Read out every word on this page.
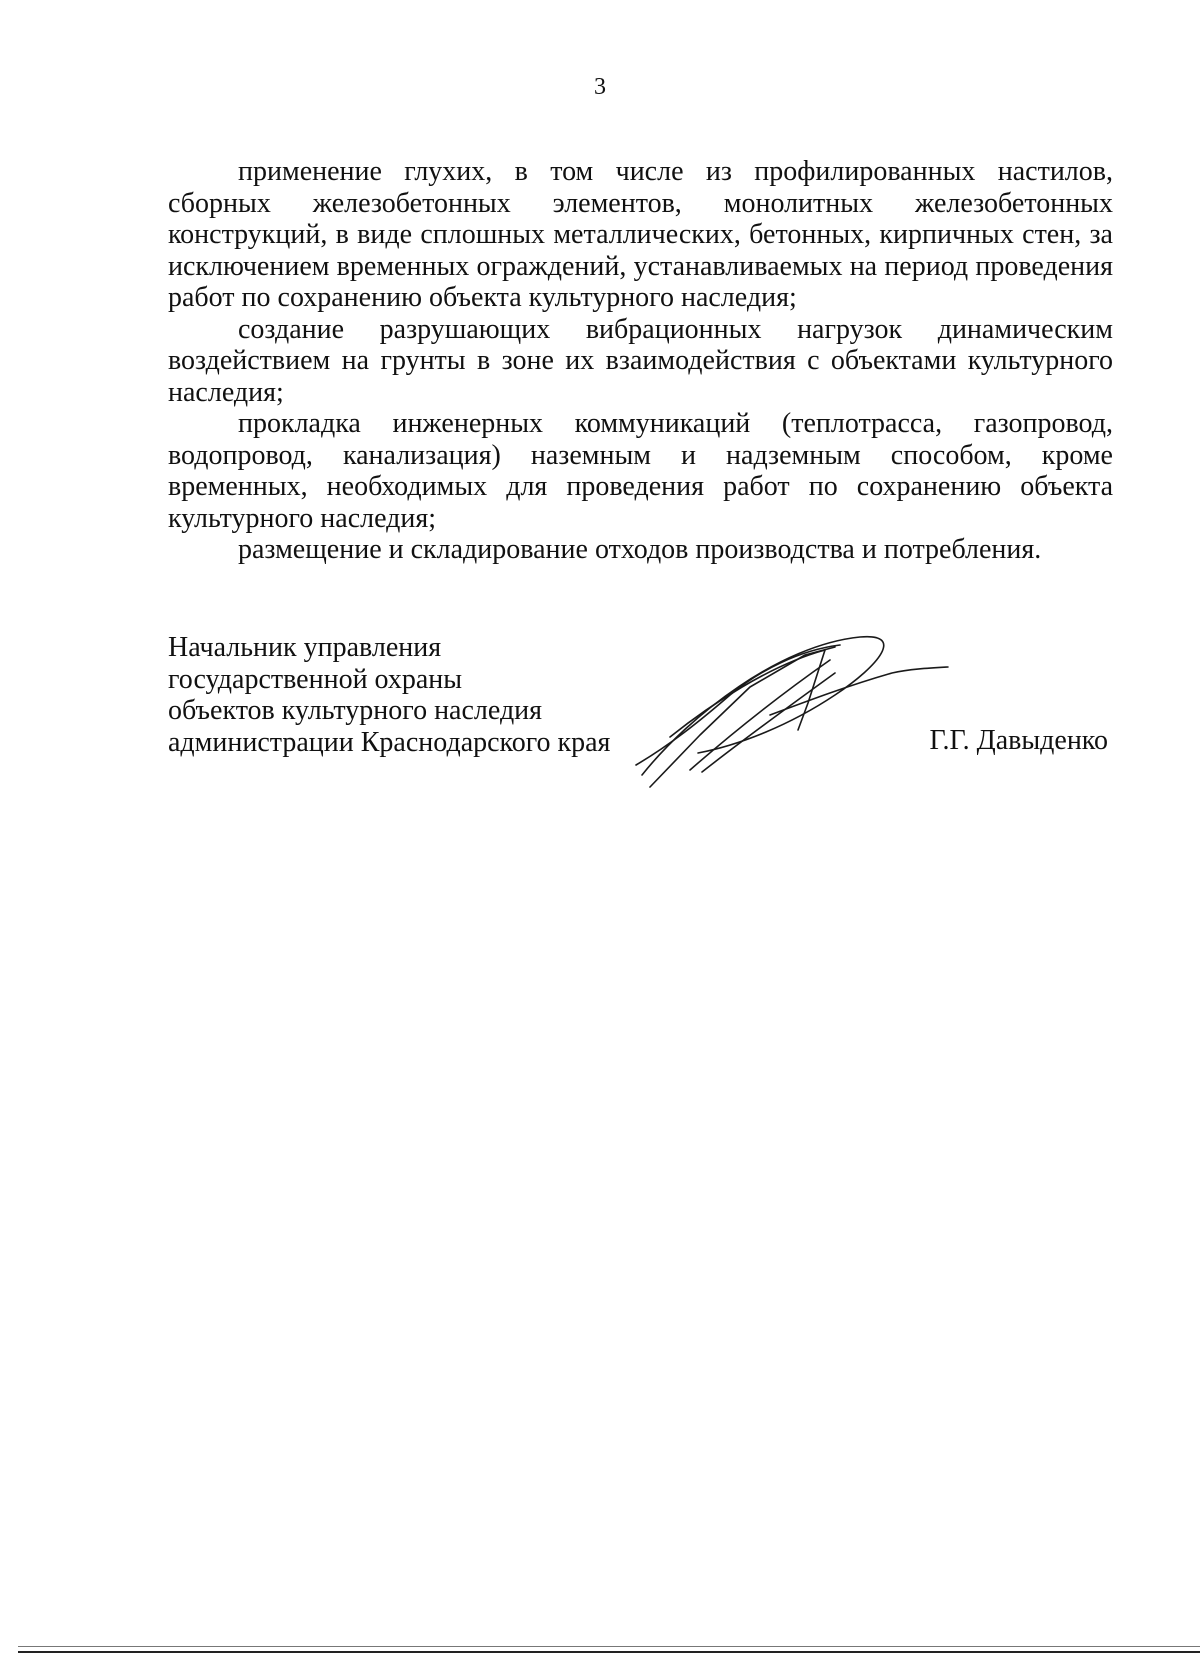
3

применение глухих, в том числе из профилированных настилов, сборных железобетонных элементов, монолитных железобетонных конструкций, в виде сплошных металлических, бетонных, кирпичных стен, за исключением временных ограждений, устанавливаемых на период проведения работ по сохранению объекта культурного наследия;

создание разрушающих вибрационных нагрузок динамическим воздействием на грунты в зоне их взаимодействия с объектами культурного наследия;

прокладка инженерных коммуникаций (теплотрасса, газопровод, водопровод, канализация) наземным и надземным способом, кроме временных, необходимых для проведения работ по сохранению объекта культурного наследия;

размещение и складирование отходов производства и потребления.

Начальник управления
государственной охраны
объектов культурного наследия
администрации Краснодарского края	Г.Г. Давыденко
